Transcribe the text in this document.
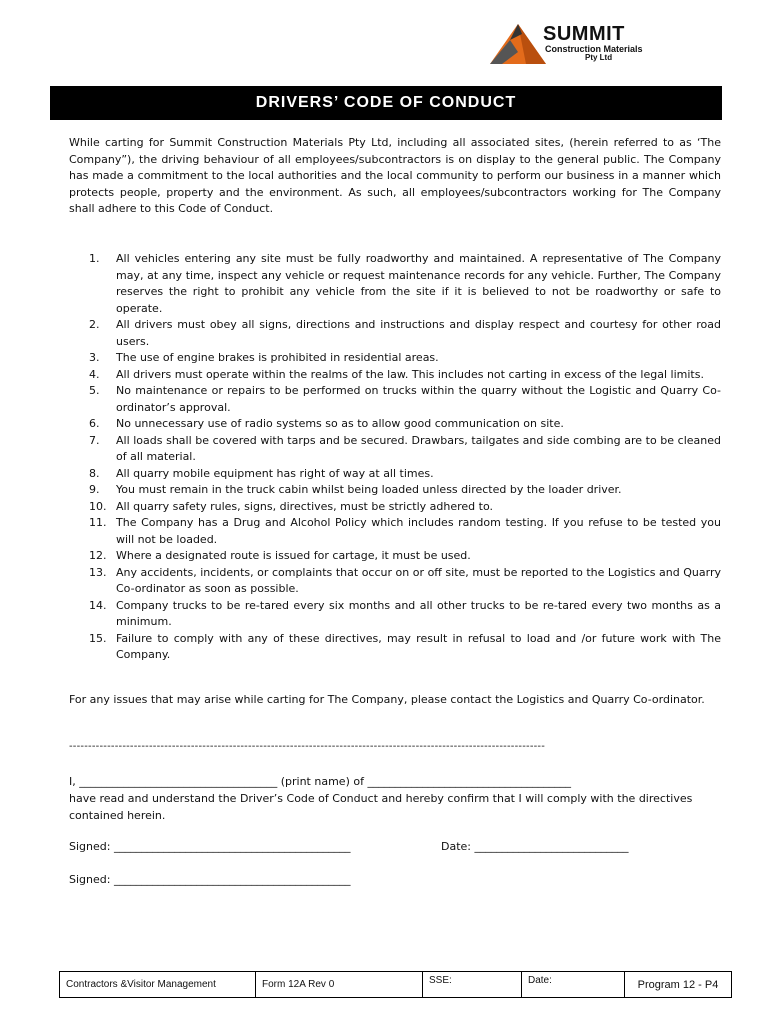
SUMMIT
Construction Materials
Pty Ltd
DRIVERS’ CODE OF CONDUCT
While carting for Summit Construction Materials Pty Ltd, including all associated sites, (herein referred to as ‘The Company”), the driving behaviour of all employees/subcontractors is on display to the general public. The Company has made a commitment to the local authorities and the local community to perform our business in a manner which protects people, property and the environment. As such, all employees/subcontractors working for The Company shall adhere to this Code of Conduct.
1.	All vehicles entering any site must be fully roadworthy and maintained. A representative of The Company may, at any time, inspect any vehicle or request maintenance records for any vehicle. Further, The Company reserves the right to prohibit any vehicle from the site if it is believed to not be roadworthy or safe to operate.
2.	All drivers must obey all signs, directions and instructions and display respect and courtesy for other road users.
3.	The use of engine brakes is prohibited in residential areas.
4.	All drivers must operate within the realms of the law. This includes not carting in excess of the legal limits.
5.	No maintenance or repairs to be performed on trucks within the quarry without the Logistic and Quarry Co-ordinator’s approval.
6.	No unnecessary use of radio systems so as to allow good communication on site.
7.	All loads shall be covered with tarps and be secured. Drawbars, tailgates and side combing are to be cleaned of all material.
8.	All quarry mobile equipment has right of way at all times.
9.	You must remain in the truck cabin whilst being loaded unless directed by the loader driver.
10. All quarry safety rules, signs, directives, must be strictly adhered to.
11. The Company has a Drug and Alcohol Policy which includes random testing. If you refuse to be tested you will not be loaded.
12. Where a designated route is issued for cartage, it must be used.
13. Any accidents, incidents, or complaints that occur on or off site, must be reported to the Logistics and Quarry Co-ordinator as soon as possible.
14. Company trucks to be re-tared every six months and all other trucks to be re-tared every two months as a minimum.
15. Failure to comply with any of these directives, may result in refusal to load and /or future work with The Company.
For any issues that may arise while carting for The Company, please contact the Logistics and Quarry Co-ordinator.
-----------------------------------------------------------------------------------------------------------------------------
I, ____________________________________ (print name) of _____________________________________
have read and understand the Driver’s Code of Conduct and hereby confirm that I will comply with the directives contained herein.
Signed: ___________________________________________	Date: ____________________________
Signed: ___________________________________________
Contractors &Visitor Management	Form 12A Rev 0	SSE:	Date:	Program 12 - P4
